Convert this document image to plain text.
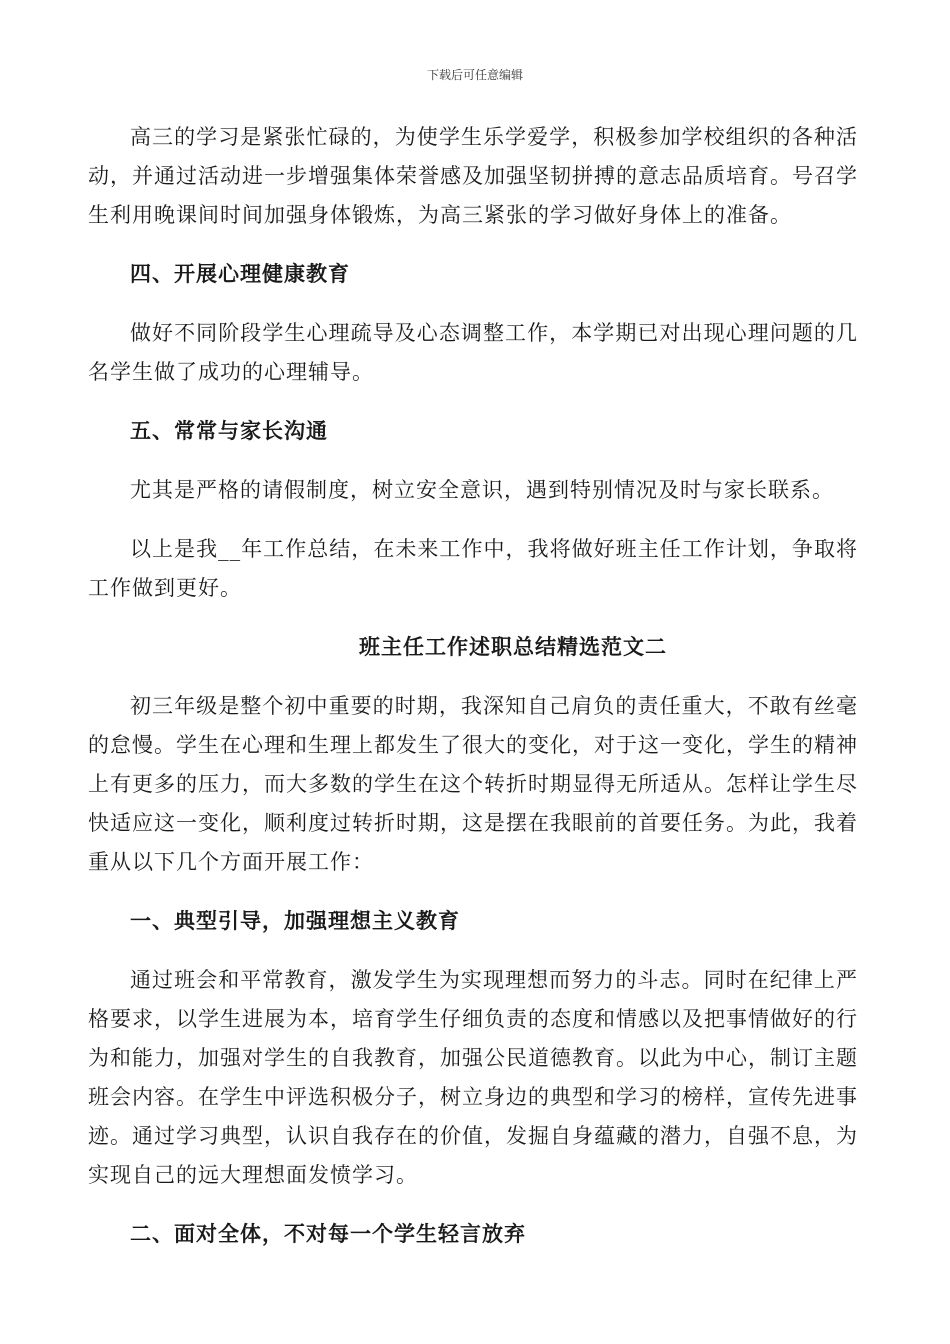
下载后可任意编辑

高三的学习是紧张忙碌的，为使学生乐学爱学，积极参加学校组织的各种活动，并通过活动进一步增强集体荣誉感及加强坚韧拼搏的意志品质培育。号召学生利用晚课间时间加强身体锻炼，为高三紧张的学习做好身体上的准备。

四、开展心理健康教育

做好不同阶段学生心理疏导及心态调整工作，本学期已对出现心理问题的几名学生做了成功的心理辅导。

五、常常与家长沟通

尤其是严格的请假制度，树立安全意识，遇到特别情况及时与家长联系。

以上是我__年工作总结，在未来工作中，我将做好班主任工作计划，争取将工作做到更好。

班主任工作述职总结精选范文二

初三年级是整个初中重要的时期，我深知自己肩负的责任重大，不敢有丝毫的怠慢。学生在心理和生理上都发生了很大的变化，对于这一变化，学生的精神上有更多的压力，而大多数的学生在这个转折时期显得无所适从。怎样让学生尽快适应这一变化，顺利度过转折时期，这是摆在我眼前的首要任务。为此，我着重从以下几个方面开展工作：

一、典型引导，加强理想主义教育

通过班会和平常教育，激发学生为实现理想而努力的斗志。同时在纪律上严格要求，以学生进展为本，培育学生仔细负责的态度和情感以及把事情做好的行为和能力，加强对学生的自我教育，加强公民道德教育。以此为中心，制订主题班会内容。在学生中评选积极分子，树立身边的典型和学习的榜样，宣传先进事迹。通过学习典型，认识自我存在的价值，发掘自身蕴藏的潜力，自强不息，为实现自己的远大理想面发愤学习。

二、面对全体，不对每一个学生轻言放弃
